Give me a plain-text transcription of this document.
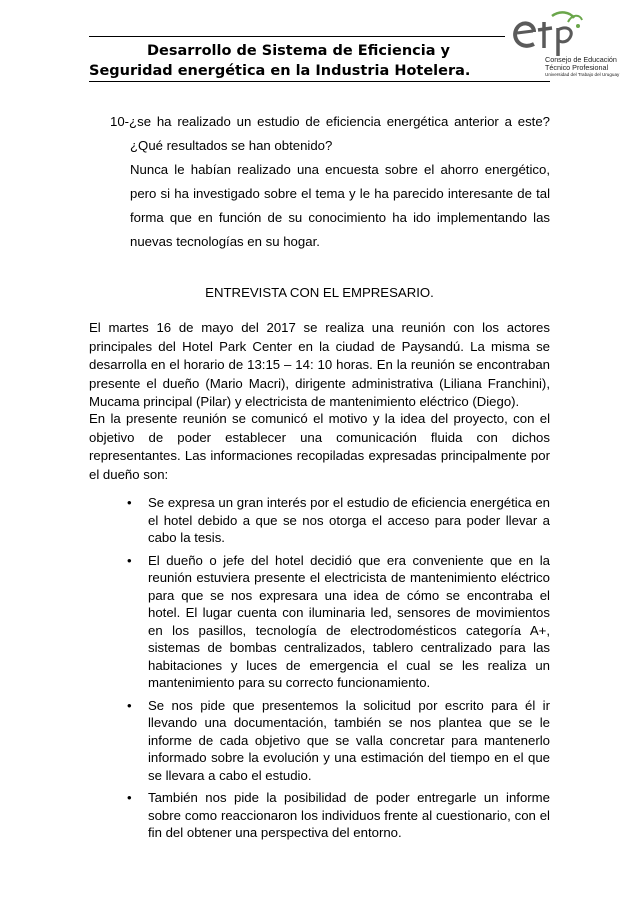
Desarrollo de Sistema de Eficiencia y
Seguridad energética en la Industria Hotelera.
Consejo de Educación
Técnico Profesional
Universidad del Trabajo del Uruguay
10-¿se ha realizado un estudio de eficiencia energética anterior a este?
¿Qué resultados se han obtenido?
Nunca le habían realizado una encuesta sobre el ahorro energético, pero si ha investigado sobre el tema y le ha parecido interesante de tal forma que en función de su conocimiento ha ido implementando las nuevas tecnologías en su hogar.
ENTREVISTA CON EL EMPRESARIO.
El martes 16 de mayo del 2017 se realiza una reunión con los actores principales del Hotel Park Center en la ciudad de Paysandú. La misma se desarrolla en el horario de 13:15 – 14: 10 horas. En la reunión se encontraban presente el dueño (Mario Macri), dirigente administrativa (Liliana Franchini), Mucama principal (Pilar) y electricista de mantenimiento eléctrico (Diego).
En la presente reunión se comunicó el motivo y la idea del proyecto, con el objetivo de poder establecer una comunicación fluida con dichos representantes. Las informaciones recopiladas expresadas principalmente por el dueño son:
• Se expresa un gran interés por el estudio de eficiencia energética en el hotel debido a que se nos otorga el acceso para poder llevar a cabo la tesis.
• El dueño o jefe del hotel decidió que era conveniente que en la reunión estuviera presente el electricista de mantenimiento eléctrico para que se nos expresara una idea de cómo se encontraba el hotel. El lugar cuenta con iluminaria led, sensores de movimientos en los pasillos, tecnología de electrodomésticos categoría A+, sistemas de bombas centralizados, tablero centralizado para las habitaciones y luces de emergencia el cual se les realiza un mantenimiento para su correcto funcionamiento.
• Se nos pide que presentemos la solicitud por escrito para él ir llevando una documentación, también se nos plantea que se le informe de cada objetivo que se valla concretar para mantenerlo informado sobre la evolución y una estimación del tiempo en el que se llevara a cabo el estudio.
• También nos pide la posibilidad de poder entregarle un informe sobre como reaccionaron los individuos frente al cuestionario, con el fin del obtener una perspectiva del entorno.
